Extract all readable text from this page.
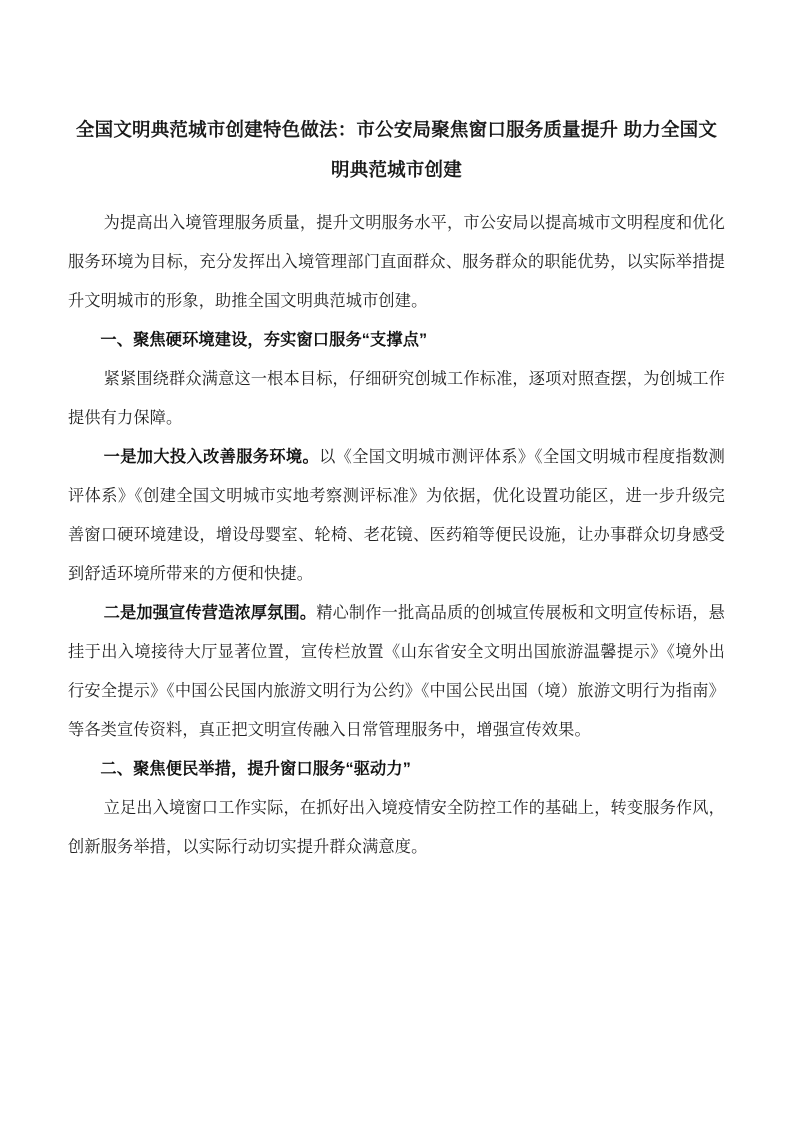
全国文明典范城市创建特色做法：市公安局聚焦窗口服务质量提升 助力全国文明典范城市创建

为提高出入境管理服务质量，提升文明服务水平，市公安局以提高城市文明程度和优化服务环境为目标，充分发挥出入境管理部门直面群众、服务群众的职能优势，以实际举措提升文明城市的形象，助推全国文明典范城市创建。

一、聚焦硬环境建设，夯实窗口服务“支撑点”

紧紧围绕群众满意这一根本目标，仔细研究创城工作标准，逐项对照查摆，为创城工作提供有力保障。

一是加大投入改善服务环境。以《全国文明城市测评体系》《全国文明城市程度指数测评体系》《创建全国文明城市实地考察测评标准》为依据，优化设置功能区，进一步升级完善窗口硬环境建设，增设母婴室、轮椅、老花镜、医药箱等便民设施，让办事群众切身感受到舒适环境所带来的方便和快捷。

二是加强宣传营造浓厚氛围。精心制作一批高品质的创城宣传展板和文明宣传标语，悬挂于出入境接待大厅显著位置，宣传栏放置《山东省安全文明出国旅游温馨提示》《境外出行安全提示》《中国公民国内旅游文明行为公约》《中国公民出国（境）旅游文明行为指南》等各类宣传资料，真正把文明宣传融入日常管理服务中，增强宣传效果。

二、聚焦便民举措，提升窗口服务“驱动力”

立足出入境窗口工作实际，在抓好出入境疫情安全防控工作的基础上，转变服务作风，创新服务举措，以实际行动切实提升群众满意度。
